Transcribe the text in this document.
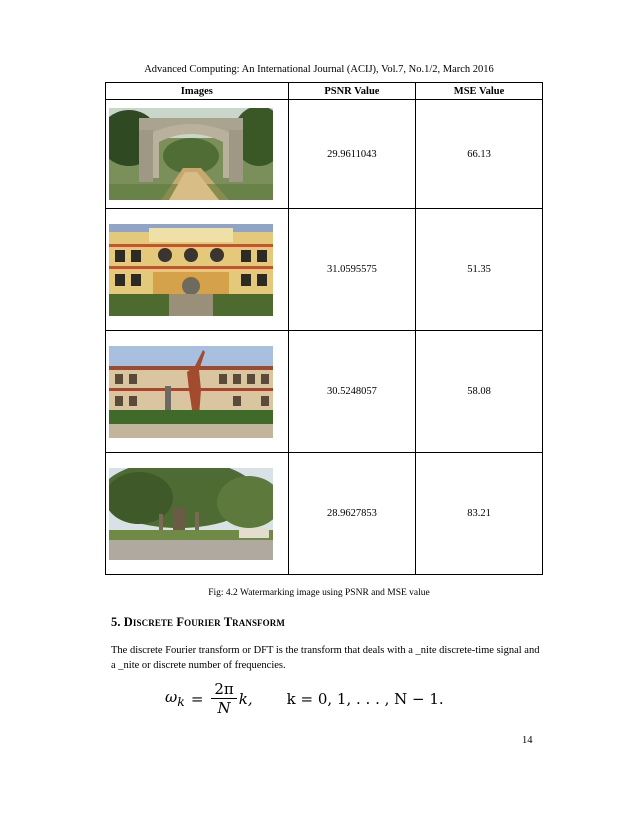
Advanced Computing: An International Journal (ACIJ), Vol.7, No.1/2, March 2016
Images	PSNR Value	MSE Value

	29.9611043	66.13

	31.0595575	51.35

	30.5248057	58.08

	28.9627853	83.21
Fig: 4.2 Watermarking image using PSNR and MSE value
5. Discrete Fourier Transform
The discrete Fourier transform or DFT is the transform that deals with a _nite discrete-time signal and a _nite or discrete number of frequencies.
$\omega_k = \frac{2\pi}{N} k$, k = 0, 1, . . . , N − 1.
14
